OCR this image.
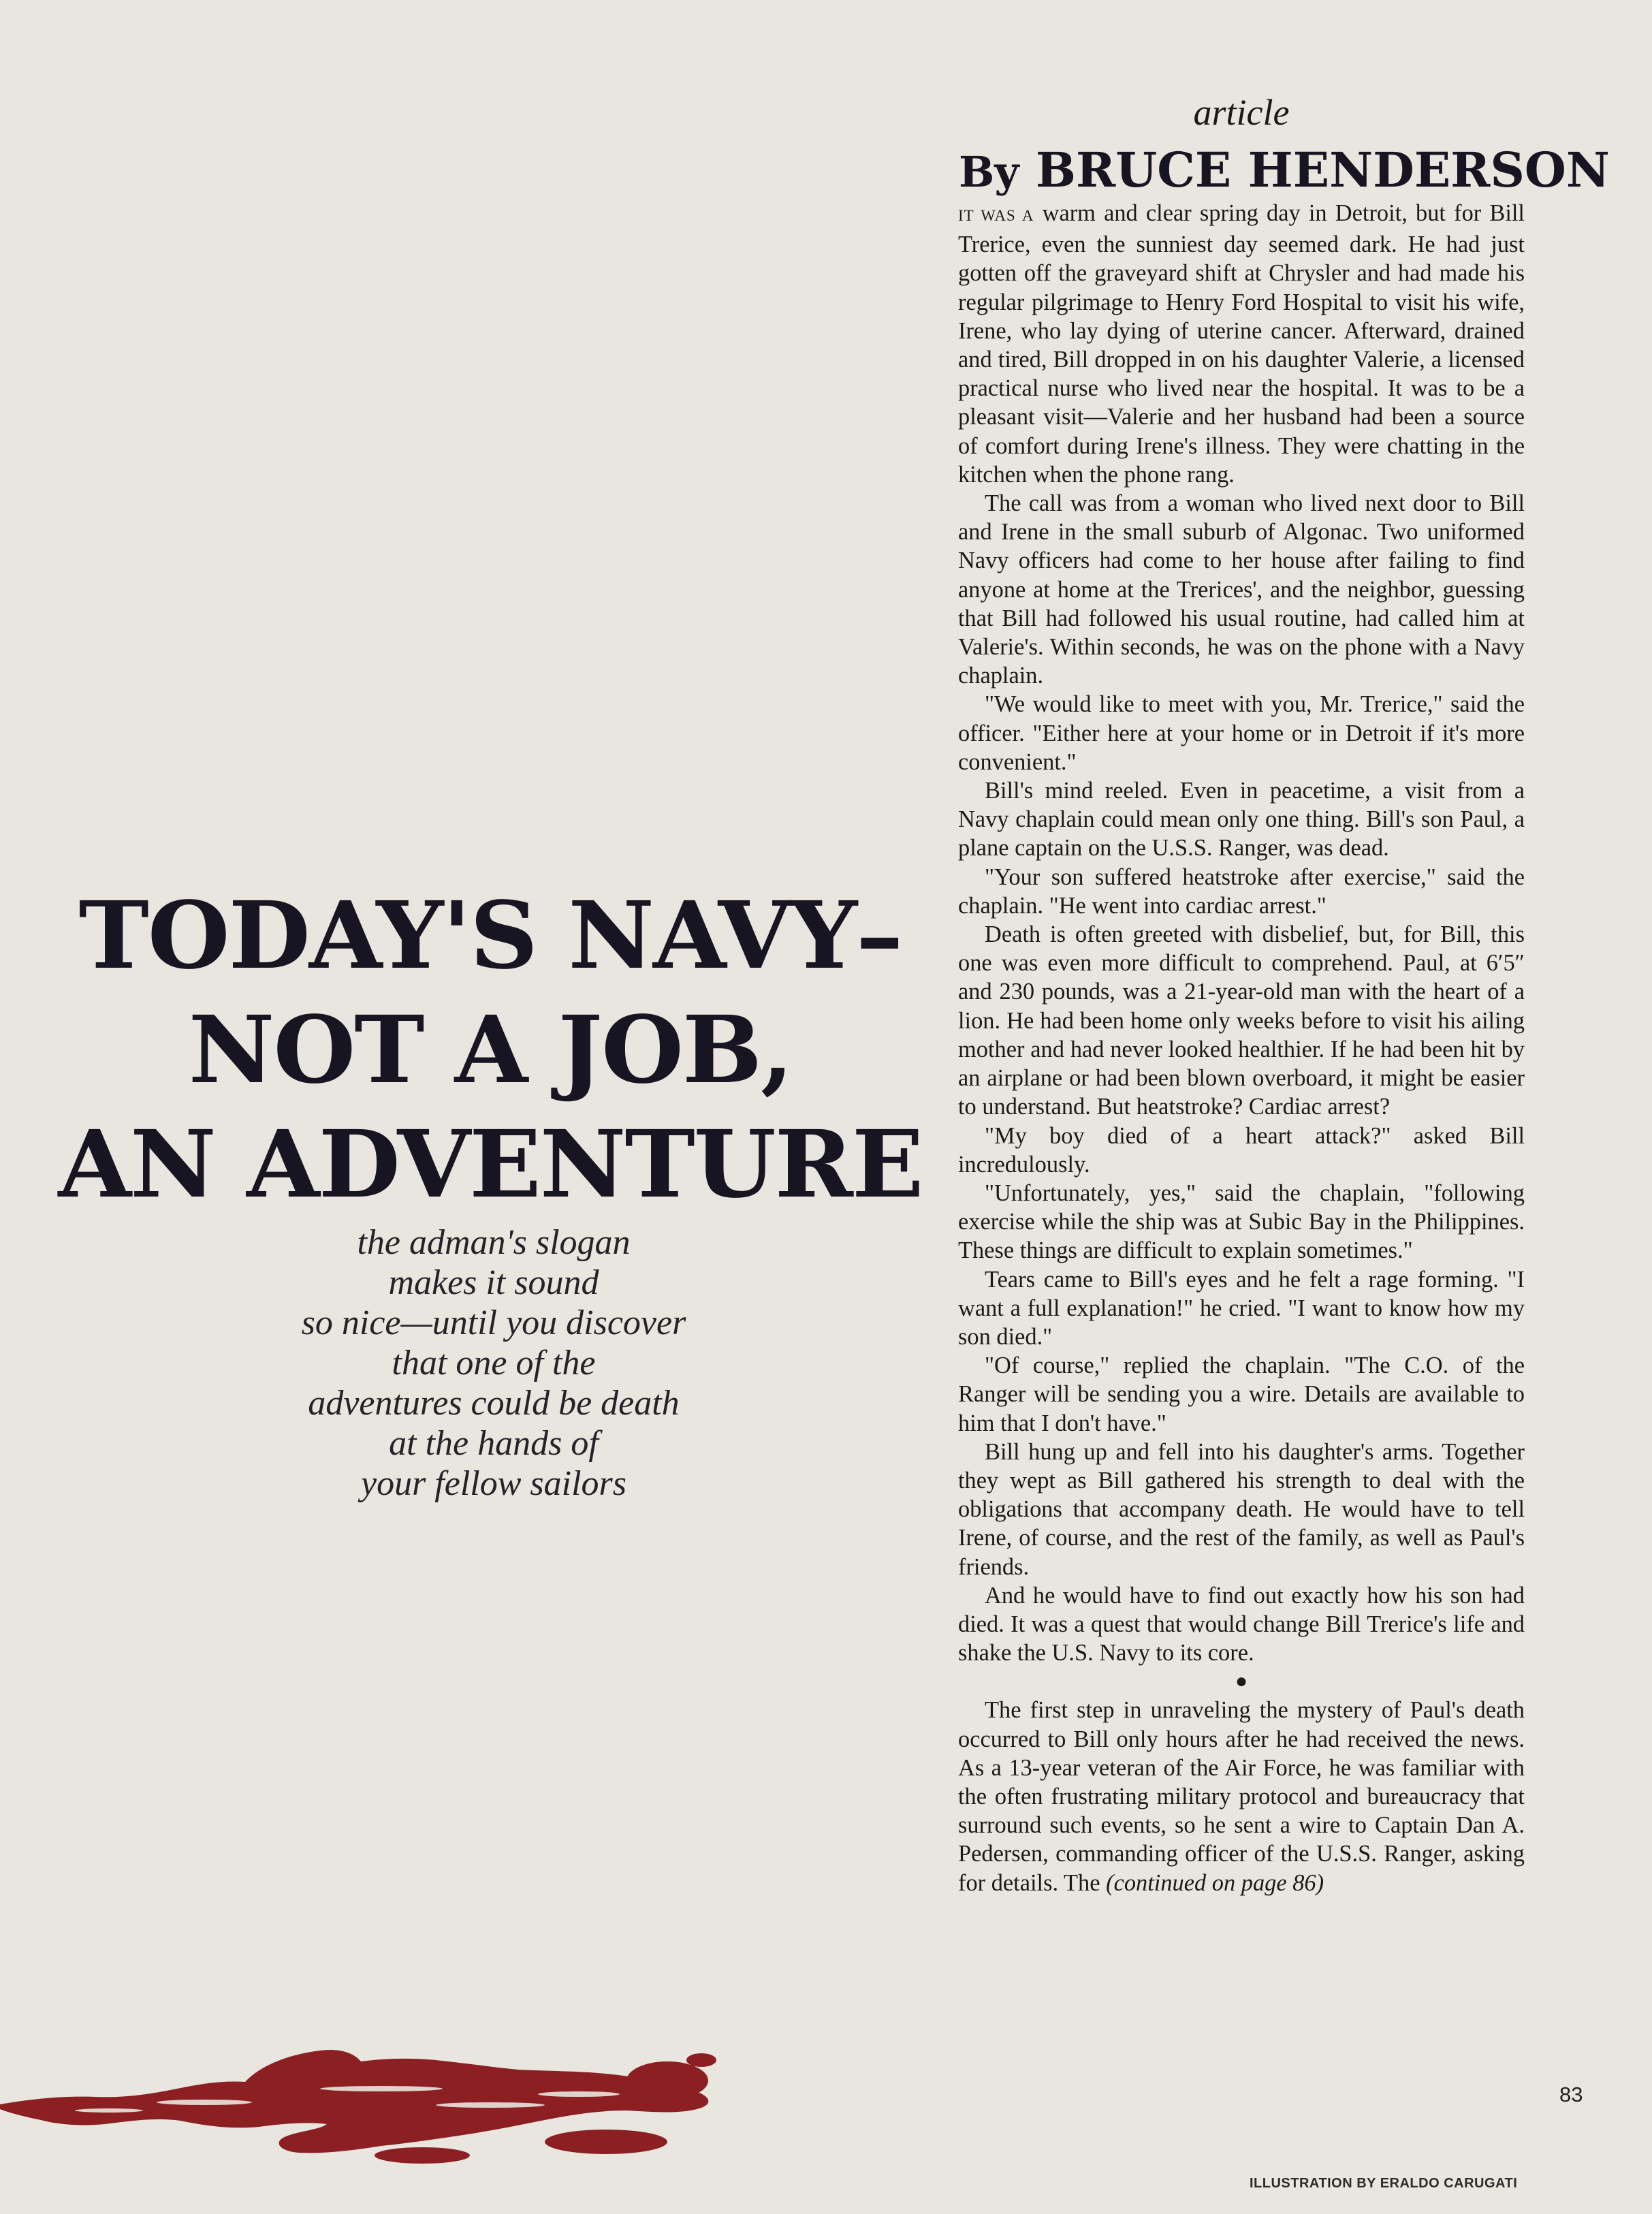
TODAY'S NAVY–
NOT A JOB,
AN ADVENTURE
the adman's slogan
makes it sound
so nice—until you discover
that one of the
adventures could be death
at the hands of
your fellow sailors
article
By BRUCE HENDERSON

IT WAS A warm and clear spring day in Detroit, but for Bill Trerice, even the sunniest day seemed dark. He had just gotten off the graveyard shift at Chrysler and had made his regular pilgrimage to Henry Ford Hospital to visit his wife, Irene, who lay dying of uterine cancer. Afterward, drained and tired, Bill dropped in on his daughter Valerie, a licensed practical nurse who lived near the hospital. It was to be a pleasant visit—Valerie and her husband had been a source of comfort during Irene's illness. They were chatting in the kitchen when the phone rang.

The call was from a woman who lived next door to Bill and Irene in the small suburb of Algonac. Two uniformed Navy officers had come to her house after failing to find anyone at home at the Trerices', and the neighbor, guessing that Bill had followed his usual routine, had called him at Valerie's. Within seconds, he was on the phone with a Navy chaplain.

"We would like to meet with you, Mr. Trerice," said the officer. "Either here at your home or in Detroit if it's more convenient."

Bill's mind reeled. Even in peacetime, a visit from a Navy chaplain could mean only one thing. Bill's son Paul, a plane captain on the U.S.S. Ranger, was dead.

"Your son suffered heatstroke after exercise," said the chaplain. "He went into cardiac arrest."

Death is often greeted with disbelief, but, for Bill, this one was even more difficult to comprehend. Paul, at 6′5″ and 230 pounds, was a 21-year-old man with the heart of a lion. He had been home only weeks before to visit his ailing mother and had never looked healthier. If he had been hit by an airplane or had been blown overboard, it might be easier to understand. But heatstroke? Cardiac arrest?

"My boy died of a heart attack?" asked Bill incredulously.

"Unfortunately, yes," said the chaplain, "following exercise while the ship was at Subic Bay in the Philippines. These things are difficult to explain sometimes."

Tears came to Bill's eyes and he felt a rage forming. "I want a full explanation!" he cried. "I want to know how my son died."

"Of course," replied the chaplain. "The C.O. of the Ranger will be sending you a wire. Details are available to him that I don't have."

Bill hung up and fell into his daughter's arms. Together they wept as Bill gathered his strength to deal with the obligations that accompany death. He would have to tell Irene, of course, and the rest of the family, as well as Paul's friends.

And he would have to find out exactly how his son had died. It was a quest that would change Bill Trerice's life and shake the U.S. Navy to its core.

●

The first step in unraveling the mystery of Paul's death occurred to Bill only hours after he had received the news. As a 13-year veteran of the Air Force, he was familiar with the often frustrating military protocol and bureaucracy that surround such events, so he sent a wire to Captain Dan A. Pedersen, commanding officer of the U.S.S. Ranger, asking for details. The (continued on page 86)

83
ILLUSTRATION BY ERALDO CARUGATI
